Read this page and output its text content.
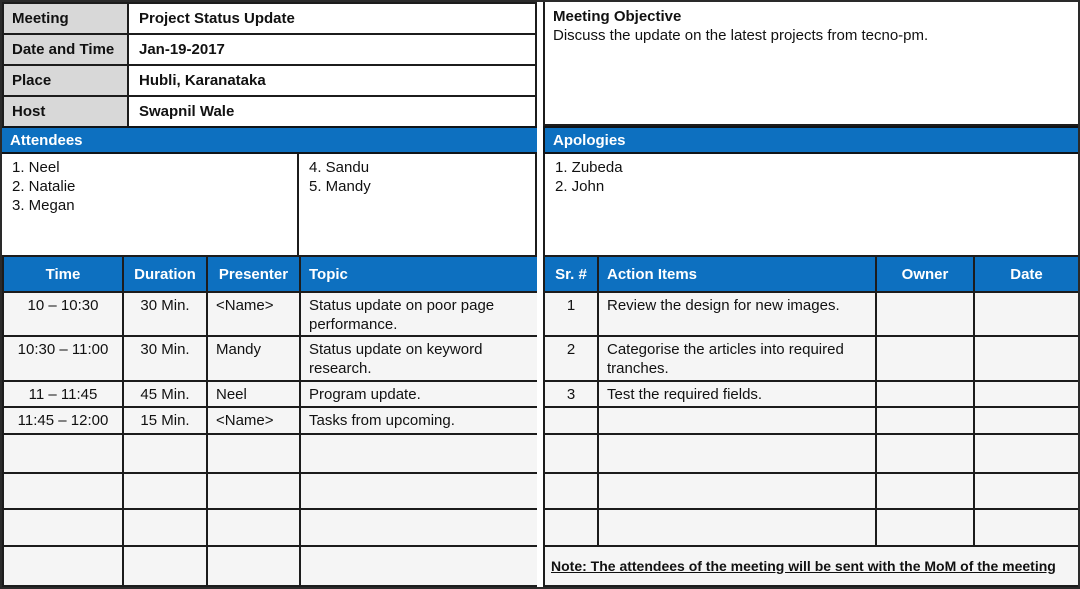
Meeting	Project Status Update
Date and Time	Jan-19-2017
Place	Hubli, Karanataka
Host	Swapnil Wale
Meeting Objective
Discuss the update on the latest projects from tecno-pm.
Attendees	Apologies
1. Neel
2. Natalie
3. Megan
4. Sandu
5. Mandy
1. Zubeda
2. John
Time	Duration	Presenter	Topic
10 – 10:30	30 Min.	<Name>	Status update on poor page performance.
10:30 – 11:00	30 Min.	Mandy	Status update on keyword research.
11 – 11:45	45 Min.	Neel	Program update.
11:45 – 12:00	15 Min.	<Name>	Tasks from upcoming.

Sr. #	Action Items	Owner	Date
1	Review the design for new images.		
2	Categorise the articles into required tranches.		
3	Test the required fields.		

Note: The attendees of the meeting will be sent with the MoM of the meeting			
